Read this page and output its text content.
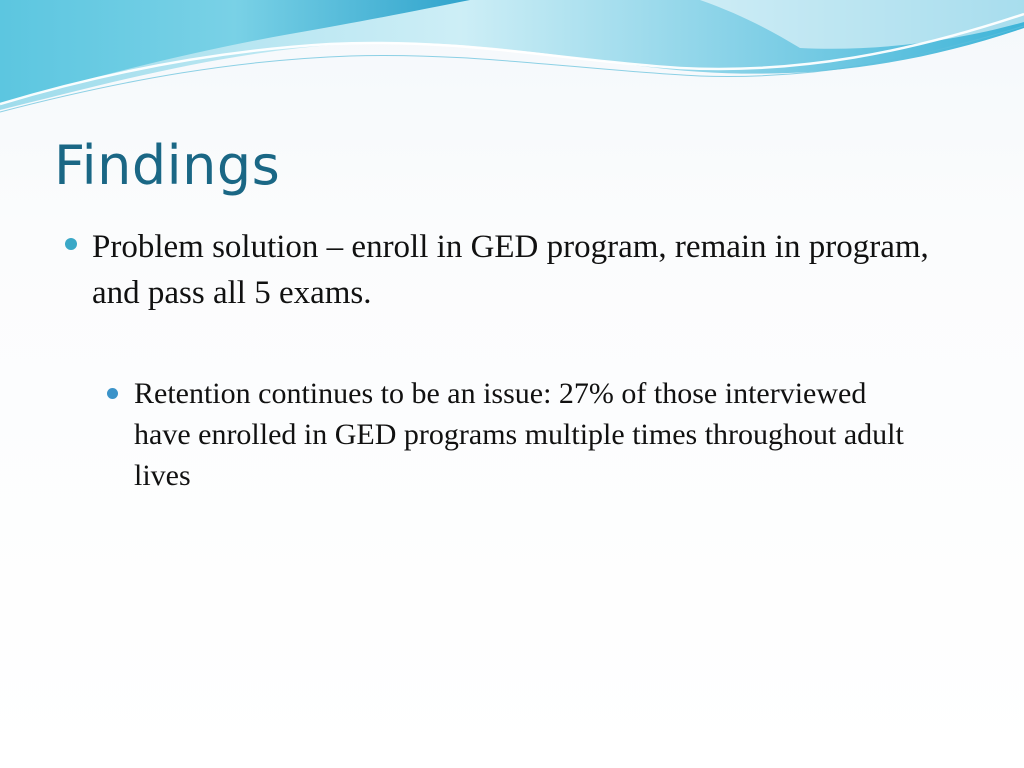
Findings
Problem solution – enroll in GED program, remain in program, and pass all 5 exams.
Retention continues to be an issue: 27% of those interviewed have enrolled in GED programs multiple times throughout adult lives
